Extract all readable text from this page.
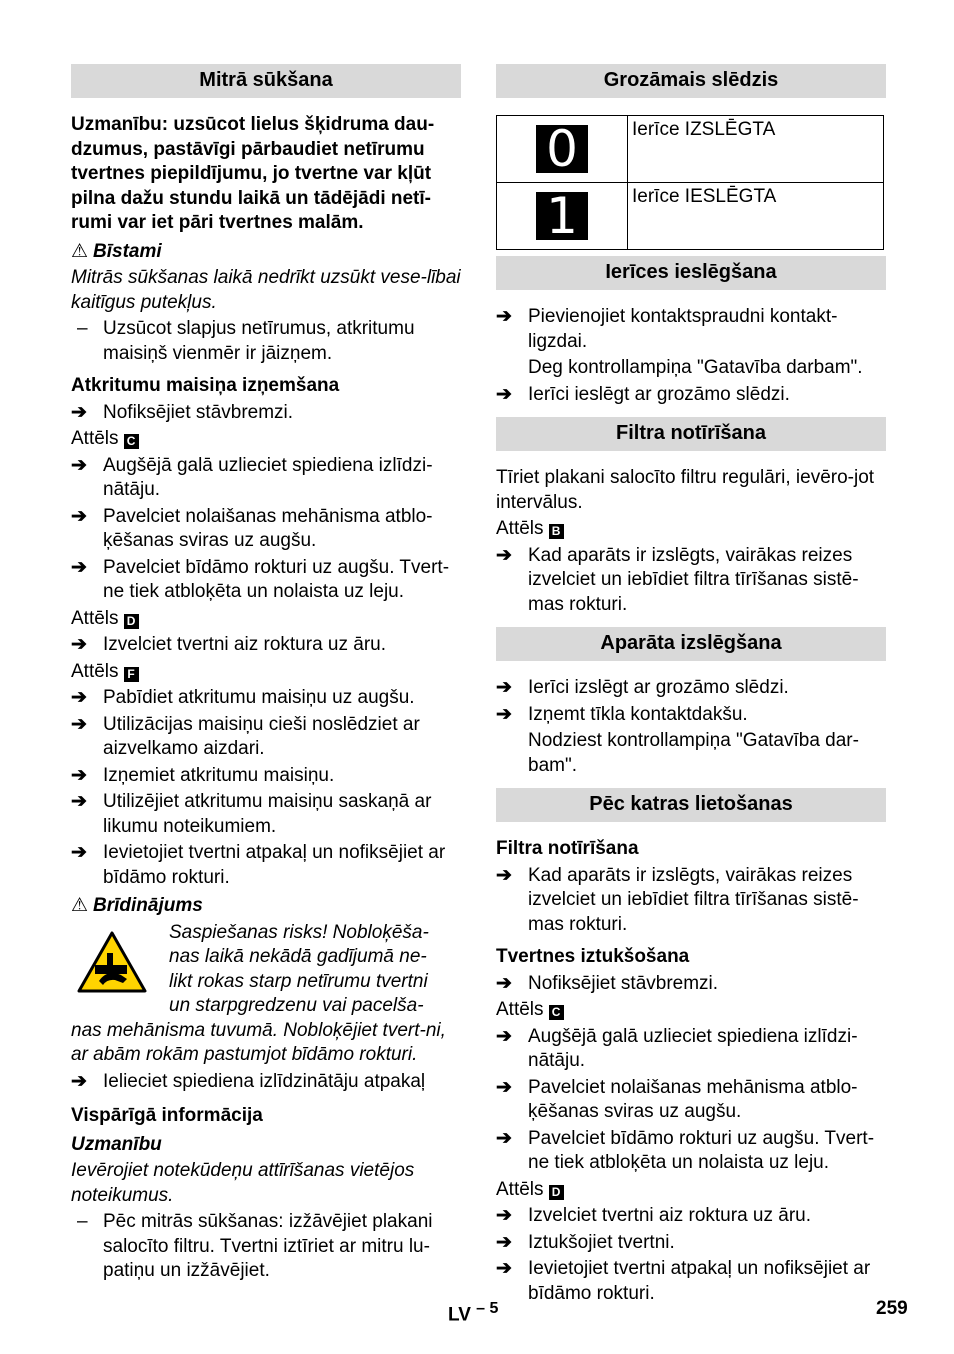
Mitrā sūkšana

Uzmanību: uzsūcot lielus šķidruma dau-dzumus, pastāvīgi pārbaudiet netīrumu tvertnes piepildījumu, jo tvertne var kļūt pilna dažu stundu laikā un tādējādi netī-rumi var iet pāri tvertnes malām.

⚠ Bīstami

Mitrās sūkšanas laikā nedrīkt uzsūkt vese-lībai kaitīgus putekļus.

– Uzsūcot slapjus netīrumus, atkritumu maisiņš vienmēr ir jāizņem.
Atkritumu maisiņa izņemšana
➔ Nofiksējiet stāvbremzi.
Attēls C
➔ Augšējā galā uzlieciet spiediena izlīdzi-nātāju.
➔ Pavelciet nolaišanas mehānisma atblo-ķēšanas sviras uz augšu.
➔ Pavelciet bīdāmo rokturi uz augšu. Tvert-ne tiek atbloķēta un nolaista uz leju.
Attēls D
➔ Izvelciet tvertni aiz roktura uz āru.
Attēls F
➔ Pabīdiet atkritumu maisiņu uz augšu.
➔ Utilizācijas maisiņu cieši noslēdziet ar aizvelkamo aizdari.
➔ Izņemiet atkritumu maisiņu.
➔ Utilizējiet atkritumu maisiņu saskaņā ar likumu noteikumiem.
➔ Ievietojiet tvertni atpakaļ un nofiksējiet ar bīdāmo rokturi.
⚠ Brīdinājums
Saspiešanas risks! Nobloķēša-
nas laikā nekādā gadījumā ne-
likt rokas starp netīrumu tvertni
un starpgredzenu vai pacelša-

nas mehānisma tuvumā. Nobloķējiet tvert-ni, ar abām rokām pastumjot bīdāmo rokturi.

➔ Ielieciet spiediena izlīdzinātāju atpakaļ
Vispārīgā informācija
Uzmanību

Ievērojiet notekūdeņu attīrīšanas vietējos noteikumus.

– Pēc mitrās sūkšanas: izžāvējiet plakani salocīto filtru. Tvertni iztīriet ar mitru lu-patiņu un izžāvējiet.
Grozāmais slēdzis
0	Ierīce IZSLĒGTA
1	Ierīce IESLĒGTA
Ierīces ieslēgšana
➔ Pievienojiet kontaktspraudni kontakt-ligzdai.
Deg kontrollampiņa "Gatavība darbam".
➔ Ierīci ieslēgt ar grozāmo slēdzi.
Filtra notīrīšana

Tīriet plakani salocīto filtru regulāri, ievēro-jot intervālus.

Attēls B
➔ Kad aparāts ir izslēgts, vairākas reizes izvelciet un iebīdiet filtra tīrīšanas sistē-mas rokturi.
Aparāta izslēgšana
➔ Ierīci izslēgt ar grozāmo slēdzi.
➔ Izņemt tīkla kontaktdakšu.
Nodziest kontrollampiņa "Gatavība dar-bam".
Pēc katras lietošanas
Filtra notīrīšana
➔ Kad aparāts ir izslēgts, vairākas reizes izvelciet un iebīdiet filtra tīrīšanas sistē-mas rokturi.
Tvertnes iztukšošana
➔ Nofiksējiet stāvbremzi.
Attēls C
➔ Augšējā galā uzlieciet spiediena izlīdzi-nātāju.
➔ Pavelciet nolaišanas mehānisma atblo-ķēšanas sviras uz augšu.
➔ Pavelciet bīdāmo rokturi uz augšu. Tvert-ne tiek atbloķēta un nolaista uz leju.
Attēls D
➔ Izvelciet tvertni aiz roktura uz āru.
➔ Iztukšojiet tvertni.
➔ Ievietojiet tvertni atpakaļ un nofiksējiet ar bīdāmo rokturi.
LV $^{- 5}$	259
